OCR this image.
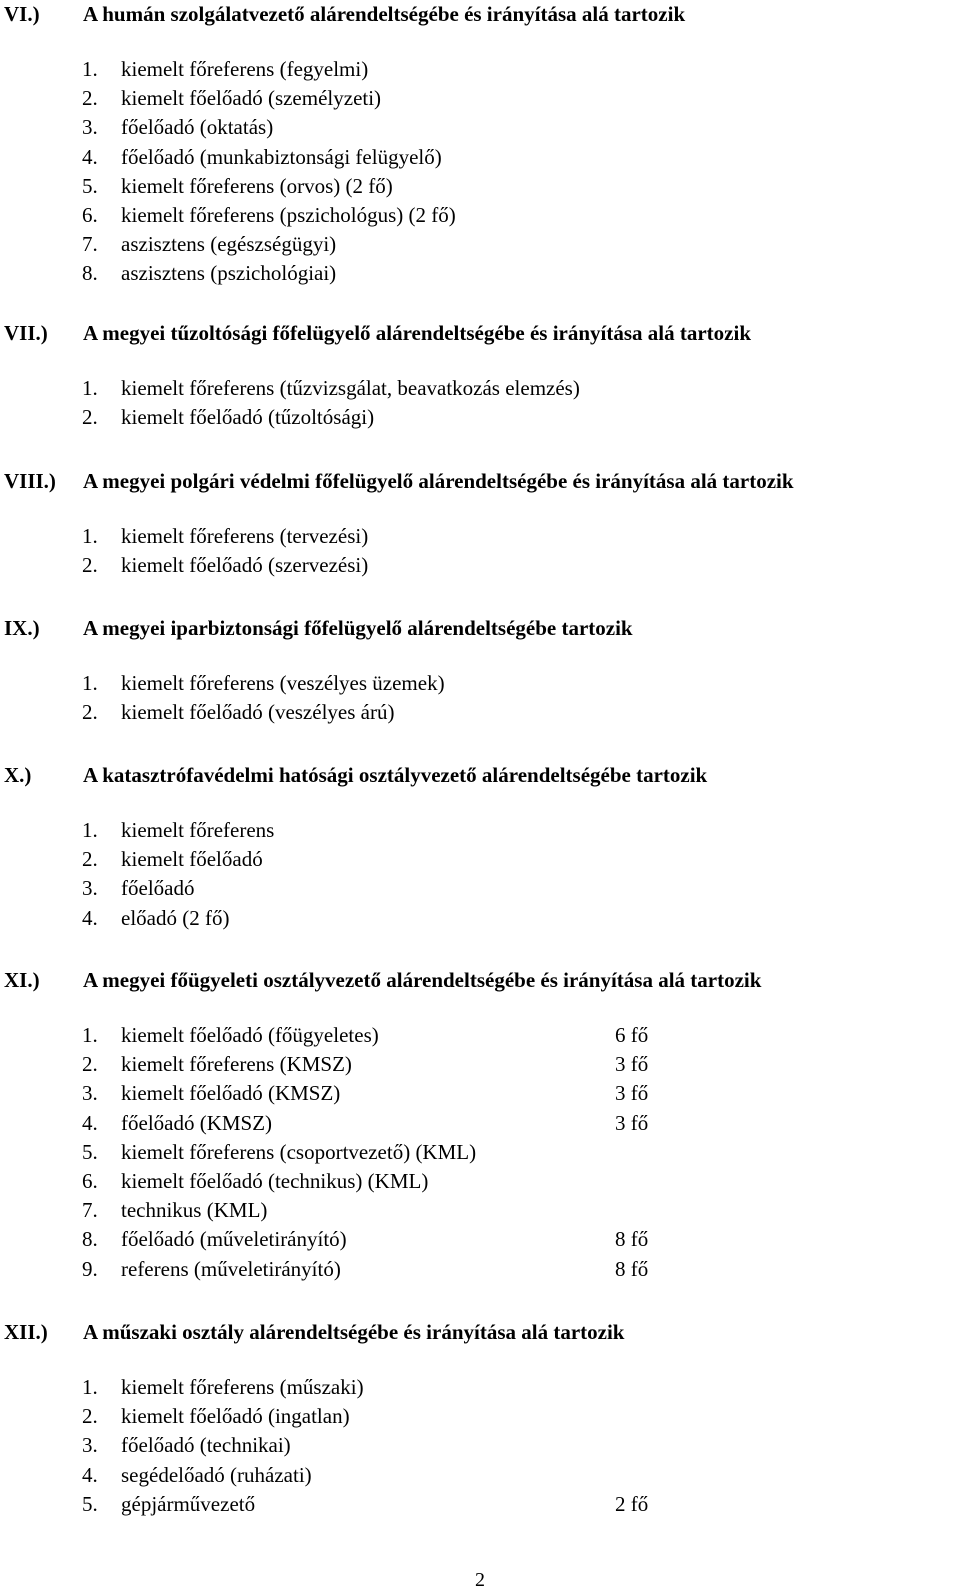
VI.) A humán szolgálatvezető alárendeltségébe és irányítása alá tartozik
1. kiemelt főreferens (fegyelmi)
2. kiemelt főelőadó (személyzeti)
3. főelőadó (oktatás)
4. főelőadó (munkabiztonsági felügyelő)
5. kiemelt főreferens (orvos) (2 fő)
6. kiemelt főreferens (pszichológus) (2 fő)
7. aszisztens (egészségügyi)
8. aszisztens (pszichológiai)
VII.) A megyei tűzoltósági főfelügyelő alárendeltségébe és irányítása alá tartozik
1. kiemelt főreferens (tűzvizsgálat, beavatkozás elemzés)
2. kiemelt főelőadó (tűzoltósági)
VIII.) A megyei polgári védelmi főfelügyelő alárendeltségébe és irányítása alá tartozik
1. kiemelt főreferens (tervezési)
2. kiemelt főelőadó (szervezési)
IX.) A megyei iparbiztonsági főfelügyelő alárendeltségébe tartozik
1. kiemelt főreferens (veszélyes üzemek)
2. kiemelt főelőadó (veszélyes árú)
X.) A katasztrófavédelmi hatósági osztályvezető alárendeltségébe tartozik
1. kiemelt főreferens
2. kiemelt főelőadó
3. főelőadó
4. előadó (2 fő)
XI.) A megyei főügyeleti osztályvezető alárendeltségébe és irányítása alá tartozik
1. kiemelt főelőadó (főügyeletes)	6 fő
2. kiemelt főreferens (KMSZ)	3 fő
3. kiemelt főelőadó (KMSZ)	3 fő
4. főelőadó (KMSZ)	3 fő
5. kiemelt főreferens (csoportvezető) (KML)
6. kiemelt főelőadó (technikus) (KML)
7. technikus (KML)
8. főelőadó (műveletirányító)	8 fő
9. referens (műveletirányító)	8 fő
XII.) A műszaki osztály alárendeltségébe és irányítása alá tartozik
1. kiemelt főreferens (műszaki)
2. kiemelt főelőadó (ingatlan)
3. főelőadó (technikai)
4. segédelőadó (ruházati)
5. gépjárművezető	2 fő
2
